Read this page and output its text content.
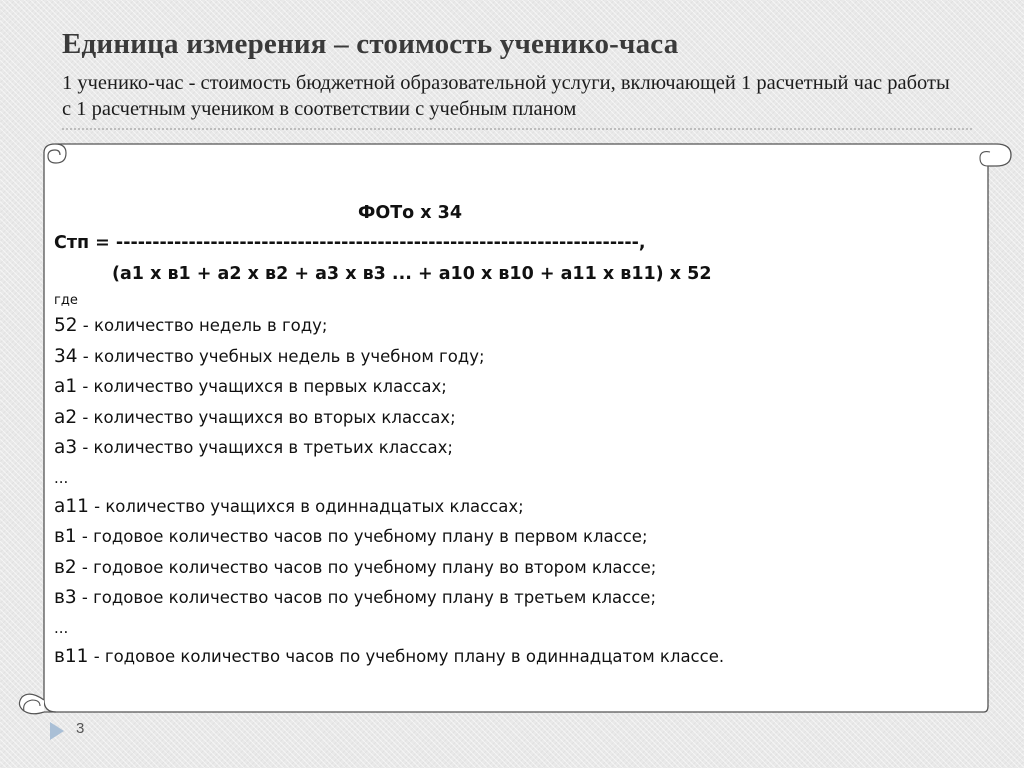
Единица измерения – стоимость ученико-часа
1 ученико-час - стоимость бюджетной образовательной услуги, включающей 1 расчетный час работы с 1 расчетным учеником в соответствии с учебным планом
ФОТо х 34
Стп = ------------------------------------------------------------------------,
(а1 х в1 + а2 х в2 + а3 х в3 ... + а10 х в10 + а11 х в11) х 52
где
52 - количество недель в году;
34 - количество учебных недель в учебном году;
а1 - количество учащихся в первых классах;
а2 - количество учащихся во вторых классах;
а3 - количество учащихся в третьих классах;
...
а11 - количество учащихся в одиннадцатых классах;
в1 - годовое количество часов по учебному плану в первом классе;
в2 - годовое количество часов по учебному плану во втором классе;
в3 - годовое количество часов по учебному плану в третьем классе;
...
в11 - годовое количество часов по учебному плану в одиннадцатом классе.
3
